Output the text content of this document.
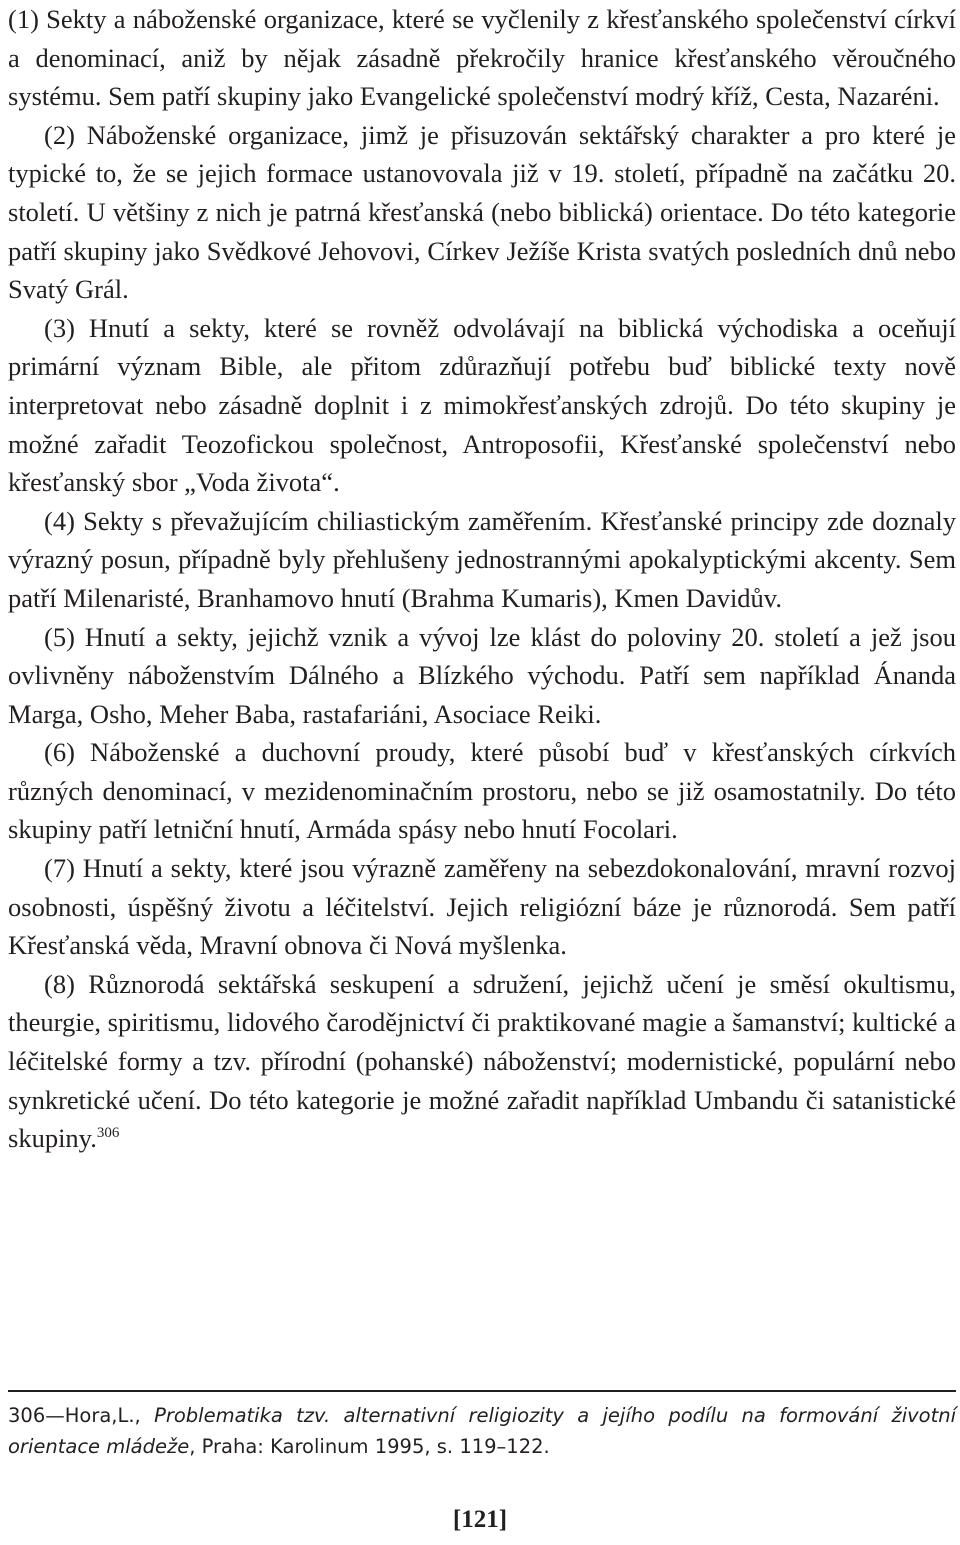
(1) Sekty a náboženské organizace, které se vyčlenily z křesťanského společenství církví a denominací, aniž by nějak zásadně překročily hranice křesťanského věroučného systému. Sem patří skupiny jako Evangelické společenství modrý kříž, Cesta, Nazaréni.

(2) Náboženské organizace, jimž je přisuzován sektářský charakter a pro které je typické to, že se jejich formace ustanovovala již v 19. století, případně na začátku 20. století. U většiny z nich je patrná křesťanská (nebo biblická) orientace. Do této kategorie patří skupiny jako Svědkové Jehovovi, Církev Ježíše Krista svatých posledních dnů nebo Svatý Grál.

(3) Hnutí a sekty, které se rovněž odvolávají na biblická východiska a oceňují primární význam Bible, ale přitom zdůrazňují potřebu buď biblické texty nově interpretovat nebo zásadně doplnit i z mimokřesťanských zdrojů. Do této skupiny je možné zařadit Teozofickou společnost, Antroposofii, Křesťanské společenství nebo křesťanský sbor „Voda života“.

(4) Sekty s převažujícím chiliastickým zaměřením. Křesťanské principy zde doznaly výrazný posun, případně byly přehlušeny jednostrannými apokalyptickými akcenty. Sem patří Milenaristé, Branhamovo hnutí (Brahma Kumaris), Kmen Davidův.

(5) Hnutí a sekty, jejichž vznik a vývoj lze klást do poloviny 20. století a jež jsou ovlivněny náboženstvím Dálného a Blízkého východu. Patří sem například Ánanda Marga, Osho, Meher Baba, rastafariáni, Asociace Reiki.

(6) Náboženské a duchovní proudy, které působí buď v křesťanských církvích různých denominací, v mezidenominačním prostoru, nebo se již osamostatnily. Do této skupiny patří letniční hnutí, Armáda spásy nebo hnutí Focolari.

(7) Hnutí a sekty, které jsou výrazně zaměřeny na sebezdokonalování, mravní rozvoj osobnosti, úspěšný životu a léčitelství. Jejich religiózní báze je různorodá. Sem patří Křesťanská věda, Mravní obnova či Nová myšlenka.

(8) Různorodá sektářská seskupení a sdružení, jejichž učení je směsí okultismu, theurgie, spiritismu, lidového čarodějnictví či praktikované magie a šamanství; kultické a léčitelské formy a tzv. přírodní (pohanské) náboženství; modernistické, populární nebo synkretické učení. Do této kategorie je možné zařadit například Umbandu či satanistické skupiny.$^{306}$

306—Hora,L., Problematika tzv. alternativní religiozity a jejího podílu na formování životní orientace mládeže, Praha: Karolinum 1995, s. 119–122.
[121]
